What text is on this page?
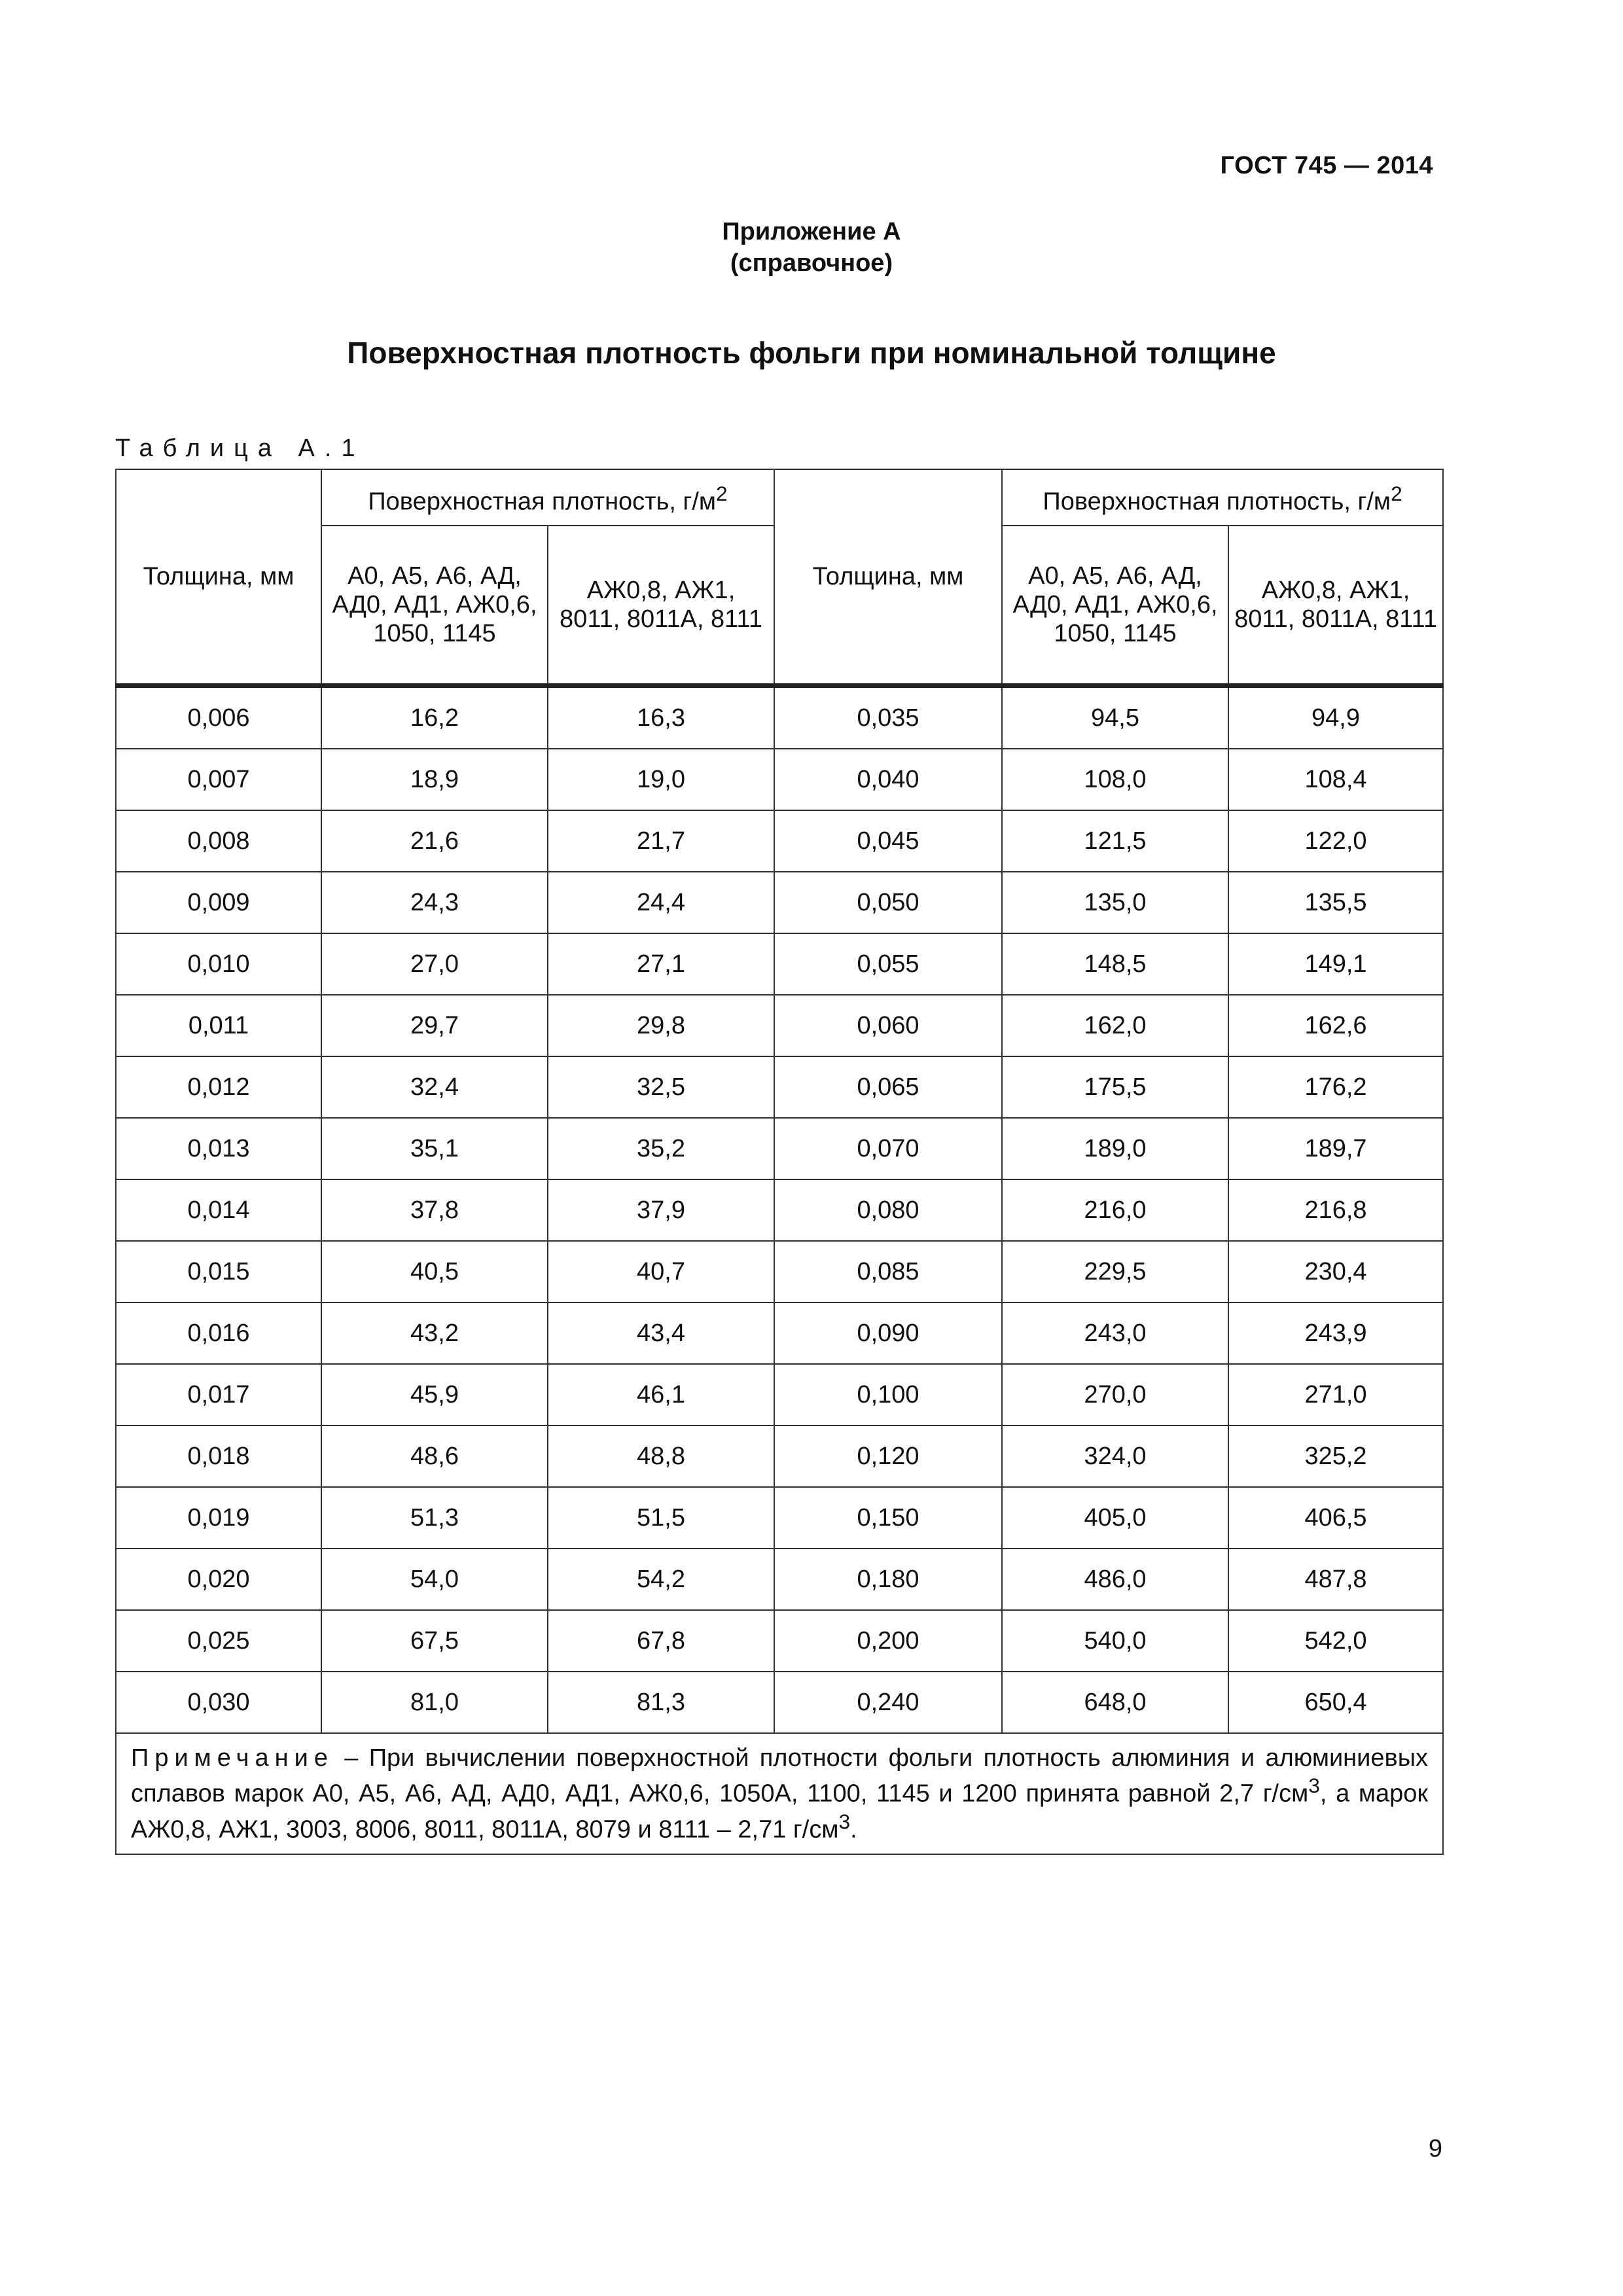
ГОСТ 745 — 2014
Приложение А
(справочное)
Поверхностная плотность фольги при номинальной толщине
Таблица А.1
Толщина, мм	Поверхностная плотность, $г/м^2$		Толщина, мм	Поверхностная плотность, $г/м^2$
	А0, А5, А6, АД, АД0, АД1, АЖ0,6, 1050, 1145	АЖ0,8, АЖ1, 8011, 8011А, 8111		А0, А5, А6, АД, АД0, АД1, АЖ0,6, 1050, 1145	АЖ0,8, АЖ1, 8011, 8011А, 8111
0,006	16,2	16,3	0,035	94,5	94,9
0,007	18,9	19,0	0,040	108,0	108,4
0,008	21,6	21,7	0,045	121,5	122,0
0,009	24,3	24,4	0,050	135,0	135,5
0,010	27,0	27,1	0,055	148,5	149,1
0,011	29,7	29,8	0,060	162,0	162,6
0,012	32,4	32,5	0,065	175,5	176,2
0,013	35,1	35,2	0,070	189,0	189,7
0,014	37,8	37,9	0,080	216,0	216,8
0,015	40,5	40,7	0,085	229,5	230,4
0,016	43,2	43,4	0,090	243,0	243,9
0,017	45,9	46,1	0,100	270,0	271,0
0,018	48,6	48,8	0,120	324,0	325,2
0,019	51,3	51,5	0,150	405,0	406,5
0,020	54,0	54,2	0,180	486,0	487,8
0,025	67,5	67,8	0,200	540,0	542,0
0,030	81,0	81,3	0,240	648,0	650,4
Примечание – При вычислении поверхностной плотности фольги плотность алюминия и алюминиевых сплавов марок А0, А5, А6, АД, АД0, АД1, АЖ0,6, 1050А, 1100, 1145 и 1200 принята равной 2,7 $г/см^3$, а марок АЖ0,8, АЖ1, 3003, 8006, 8011, 8011А, 8079 и 8111 – 2,71 $г/см^3$.					
9
